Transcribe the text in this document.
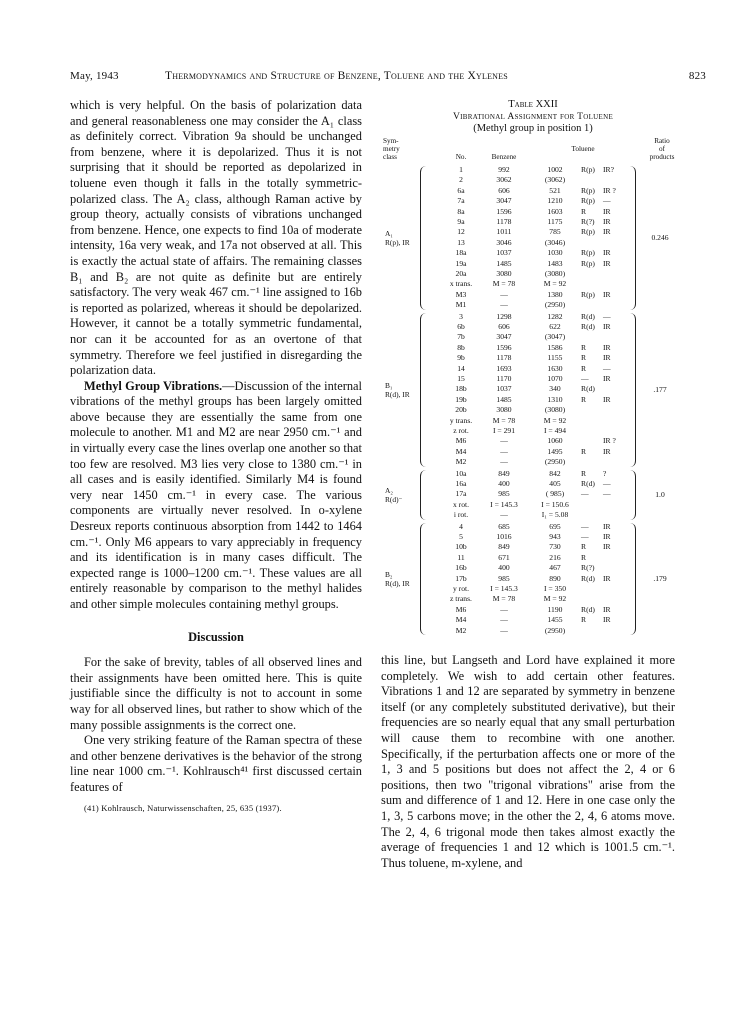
May, 1943	Thermodynamics and Structure of Benzene, Toluene and the Xylenes	823

which is very helpful. On the basis of polarization data and general reasonableness one may consider the A₁ class as definitely correct. Vibration 9a should be unchanged from benzene, where it is depolarized. Thus it is not surprising that it should be reported as depolarized in toluene even though it falls in the totally symmetric-polarized class. The A₂ class, although Raman active by group theory, actually consists of vibrations unchanged from benzene. Hence, one expects to find 10a of moderate intensity, 16a very weak, and 17a not observed at all. This is exactly the actual state of affairs. The remaining classes B₁ and B₂ are not quite as definite but are entirely satisfactory. The very weak 467 cm.⁻¹ line assigned to 16b is reported as polarized, whereas it should be depolarized. However, it cannot be a totally symmetric fundamental, nor can it be accounted for as an overtone of that symmetry. Therefore we feel justified in disregarding the polarization data.

Methyl Group Vibrations.—Discussion of the internal vibrations of the methyl groups has been largely omitted above because they are essentially the same from one molecule to another. M1 and M2 are near 2950 cm.⁻¹ and in virtually every case the lines overlap one another so that too few are resolved. M3 lies very close to 1380 cm.⁻¹ in all cases and is easily identified. Similarly M4 is found very near 1450 cm.⁻¹ in every case. The various components are virtually never resolved. In o-xylene Desreux reports continuous absorption from 1442 to 1464 cm.⁻¹. Only M6 appears to vary appreciably in frequency and its identification is in many cases difficult. The expected range is 1000–1200 cm.⁻¹. These values are all entirely reasonable by comparison to the methyl halides and other simple molecules containing methyl groups.

Discussion

For the sake of brevity, tables of all observed lines and their assignments have been omitted here. This is quite justifiable since the difficulty is not to account in some way for all observed lines, but rather to show which of the many possible assignments is the correct one.

One very striking feature of the Raman spectra of these and other benzene derivatives is the behavior of the strong line near 1000 cm.⁻¹. Kohlrausch⁴¹ first discussed certain features of

(41) Kohlrausch, Naturwissenschaften, 25, 635 (1937).
Table XXII
Vibrational Assignment for Toluene
(Methyl group in position 1)
Sym-
metry
class	No.	Benzene
Toluene
Ratio
of
products
A₁
R(p), IR
0.246
1	992	1002	R(p) IR?
2	3062	(3062)
6a	606	521	R(p) IR ?
7a	3047	1210	R(p) —
8a	1596	1603	R IR
9a	1178	1175	R(?) IR
12	1011	785	R(p) IR
13	3046	(3046)
18a	1037	1030	R(p) IR
19a	1485	1483	R(p) IR
20a	3080	(3080)
x trans.	M = 78	M = 92
M3	—	1380	R(p) IR
M1	—	(2950)
B₁
R(d), IR
.177
3	1298	1282	R(d) —
6b	606	622	R(d) IR
7b	3047	(3047)
8b	1596	1586	R IR
9b	1178	1155	R IR
14	1693	1630	R —
15	1170	1070	— IR
18b	1037	340	R(d)
19b	1485	1310	R IR
20b	3080	(3080)
y trans.	M = 78	M = 92
z rot.	I = 291	I = 494
M6	—	1060	IR ?
M4	—	1495	R IR
M2	—	(2950)
A₂
R(d)⁻
1.0
10a	849	842	R ?
16a	400	405	R(d) —
17a	985	( 985)	— —
x rot.	I = 145.3	I = 150.6
i rot.	—	I₁ = 5.08
B₂
R(d), IR
.179
4	685	695	— IR
5	1016	943	— IR
10b	849	730	R IR
11	671	216	R
16b	400	467	R(?)
17b	985	890	R(d) IR
y rot.	I = 145.3	I = 350
z trans.	M = 78	M = 92
M6	—	1190	R(d) IR
M4	—	1455	R IR
M2	—	(2950)

this line, but Langseth and Lord have explained it more completely. We wish to add certain other features. Vibrations 1 and 12 are separated by symmetry in benzene itself (or any completely substituted derivative), but their frequencies are so nearly equal that any small perturbation will cause them to recombine with one another. Specifically, if the perturbation affects one or more of the 1, 3 and 5 positions but does not affect the 2, 4 or 6 positions, then two "trigonal vibrations" arise from the sum and difference of 1 and 12. Here in one case only the 1, 3, 5 carbons move; in the other the 2, 4, 6 atoms move. The 2, 4, 6 trigonal mode then takes almost exactly the average of frequencies 1 and 12 which is 1001.5 cm.⁻¹. Thus toluene, m-xylene, and
